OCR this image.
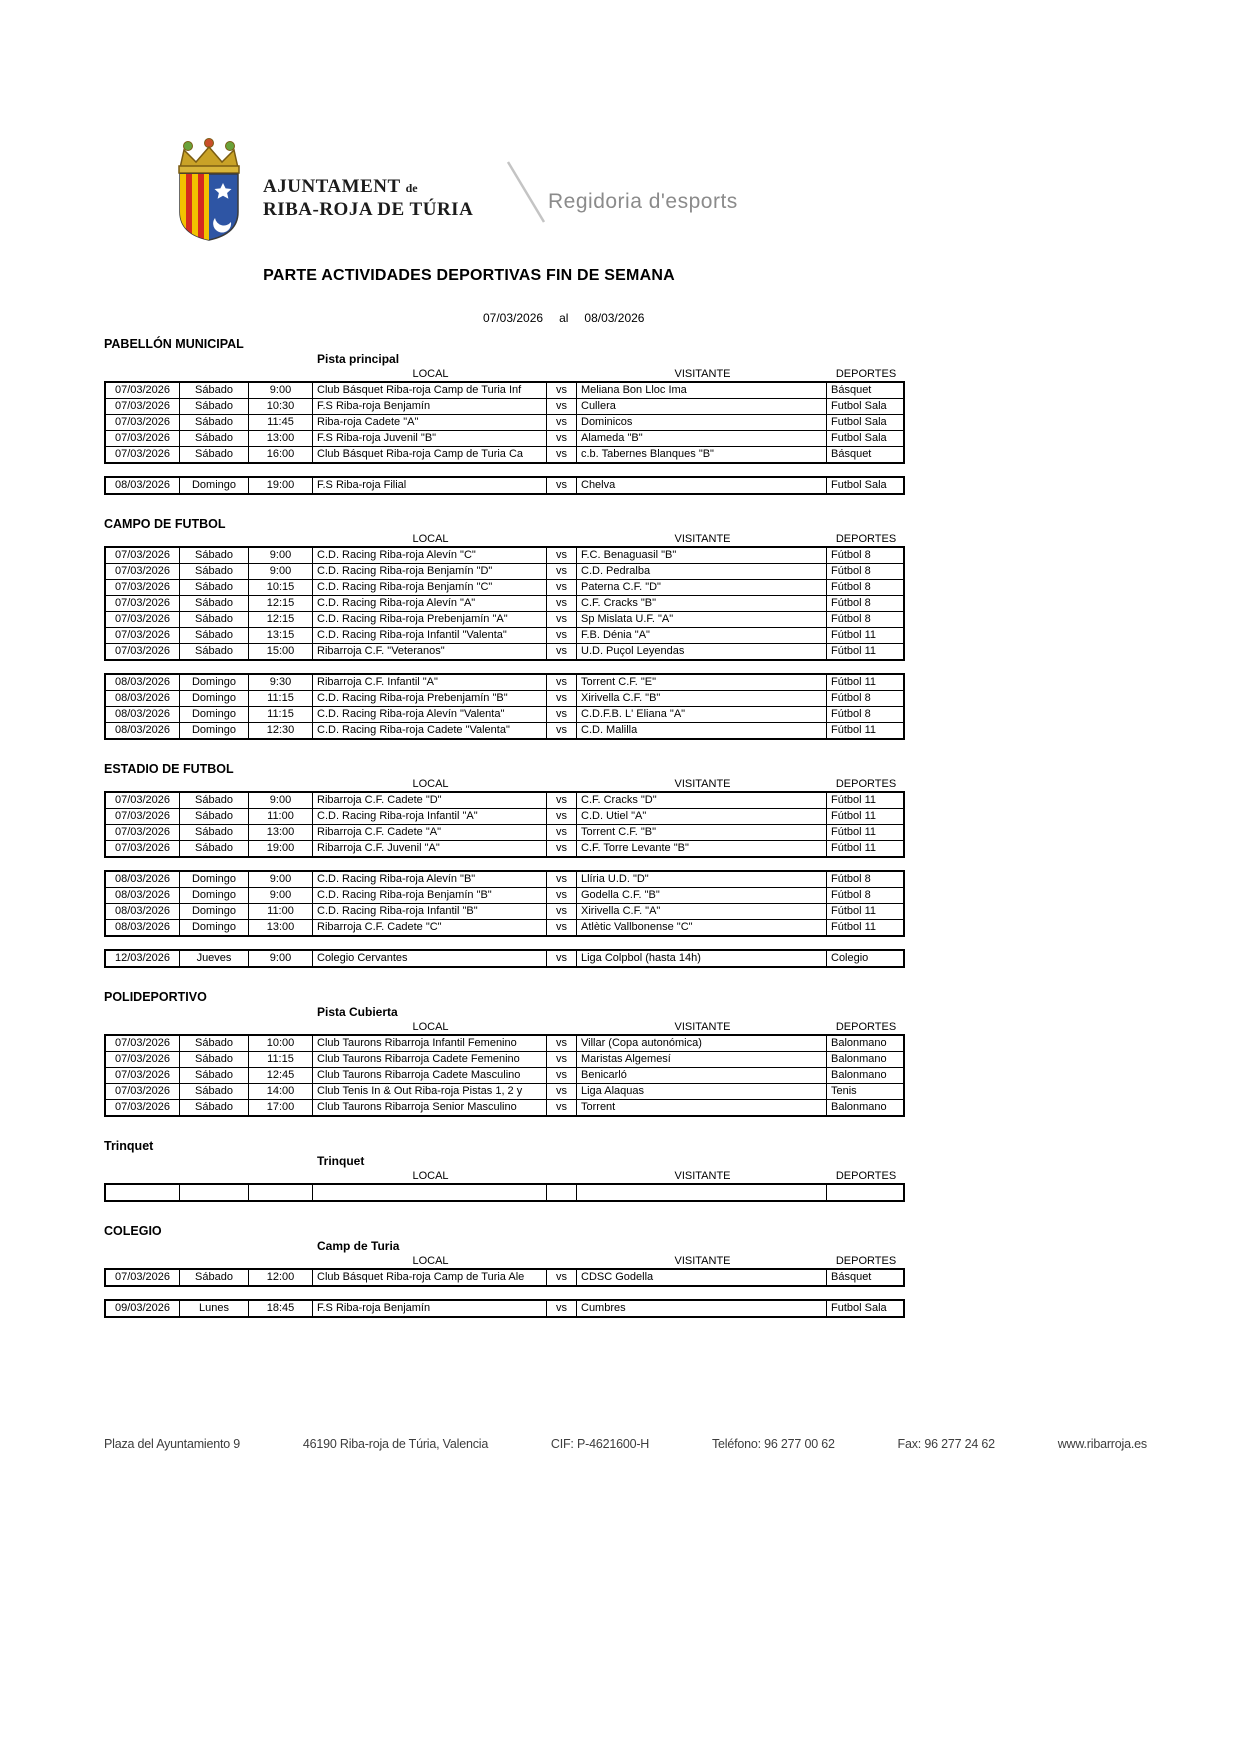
AJUNTAMENT de
RIBA-ROJA DE TÚRIA	Regidoria d'esports
PARTE ACTIVIDADES DEPORTIVAS FIN DE SEMANA
07/03/2026 al 08/03/2026
PABELLÓN MUNICIPAL
Pista principal
LOCAL	VISITANTE	DEPORTES
07/03/2026	Sábado	9:00	Club Básquet Riba-roja Camp de Turia Inf	vs	Meliana Bon Lloc Ima	Básquet
07/03/2026	Sábado	10:30	F.S Riba-roja Benjamín	vs	Cullera	Futbol Sala
07/03/2026	Sábado	11:45	Riba-roja Cadete "A"	vs	Dominicos	Futbol Sala
07/03/2026	Sábado	13:00	F.S Riba-roja Juvenil "B"	vs	Alameda "B"	Futbol Sala
07/03/2026	Sábado	16:00	Club Básquet Riba-roja Camp de Turia Ca	vs	c.b. Tabernes Blanques "B"	Básquet
08/03/2026	Domingo	19:00	F.S Riba-roja Filial	vs	Chelva	Futbol Sala
CAMPO DE FUTBOL
LOCAL	VISITANTE	DEPORTES
07/03/2026	Sábado	9:00	C.D. Racing Riba-roja Alevín "C"	vs	F.C. Benaguasil "B"	Fútbol 8
07/03/2026	Sábado	9:00	C.D. Racing Riba-roja Benjamín "D"	vs	C.D. Pedralba	Fútbol 8
07/03/2026	Sábado	10:15	C.D. Racing Riba-roja Benjamín "C"	vs	Paterna C.F. "D"	Fútbol 8
07/03/2026	Sábado	12:15	C.D. Racing Riba-roja Alevín "A"	vs	C.F. Cracks "B"	Fútbol 8
07/03/2026	Sábado	12:15	C.D. Racing Riba-roja Prebenjamín "A"	vs	Sp Mislata U.F. "A"	Fútbol 8
07/03/2026	Sábado	13:15	C.D. Racing Riba-roja Infantil "Valenta"	vs	F.B. Dénia "A"	Fútbol 11
07/03/2026	Sábado	15:00	Ribarroja C.F. "Veteranos"	vs	U.D. Puçol Leyendas	Fútbol 11
08/03/2026	Domingo	9:30	Ribarroja C.F. Infantil "A"	vs	Torrent C.F. "E"	Fútbol 11
08/03/2026	Domingo	11:15	C.D. Racing Riba-roja Prebenjamín "B"	vs	Xirivella C.F. "B"	Fútbol 8
08/03/2026	Domingo	11:15	C.D. Racing Riba-roja Alevín "Valenta"	vs	C.D.F.B. L' Eliana "A"	Fútbol 8
08/03/2026	Domingo	12:30	C.D. Racing Riba-roja Cadete "Valenta"	vs	C.D. Malilla	Fútbol 11
ESTADIO DE FUTBOL
LOCAL	VISITANTE	DEPORTES
07/03/2026	Sábado	9:00	Ribarroja C.F. Cadete "D"	vs	C.F. Cracks "D"	Fútbol 11
07/03/2026	Sábado	11:00	C.D. Racing Riba-roja Infantil "A"	vs	C.D. Utiel "A"	Fútbol 11
07/03/2026	Sábado	13:00	Ribarroja C.F. Cadete "A"	vs	Torrent C.F. "B"	Fútbol 11
07/03/2026	Sábado	19:00	Ribarroja C.F. Juvenil "A"	vs	C.F. Torre Levante "B"	Fútbol 11
08/03/2026	Domingo	9:00	C.D. Racing Riba-roja Alevín "B"	vs	Llíria U.D. "D"	Fútbol 8
08/03/2026	Domingo	9:00	C.D. Racing Riba-roja Benjamín "B"	vs	Godella C.F. "B"	Fútbol 8
08/03/2026	Domingo	11:00	C.D. Racing Riba-roja Infantil "B"	vs	Xirivella C.F. "A"	Fútbol 11
08/03/2026	Domingo	13:00	Ribarroja C.F. Cadete "C"	vs	Atlètic Vallbonense "C"	Fútbol 11
12/03/2026	Jueves	9:00	Colegio Cervantes	vs	Liga Colpbol (hasta 14h)	Colegio
POLIDEPORTIVO
Pista Cubierta
LOCAL	VISITANTE	DEPORTES
07/03/2026	Sábado	10:00	Club Taurons Ribarroja Infantil Femenino	vs	Villar (Copa autonómica)	Balonmano
07/03/2026	Sábado	11:15	Club Taurons Ribarroja Cadete Femenino	vs	Maristas Algemesí	Balonmano
07/03/2026	Sábado	12:45	Club Taurons Ribarroja Cadete Masculino	vs	Benicarló	Balonmano
07/03/2026	Sábado	14:00	Club Tenis In & Out Riba-roja Pistas 1, 2 y	vs	Liga Alaquas	Tenis
07/03/2026	Sábado	17:00	Club Taurons Ribarroja Senior Masculino	vs	Torrent	Balonmano
Trinquet
Trinquet
LOCAL	VISITANTE	DEPORTES
COLEGIO
Camp de Turia
LOCAL	VISITANTE	DEPORTES
07/03/2026	Sábado	12:00	Club Básquet Riba-roja Camp de Turia Ale	vs	CDSC Godella	Básquet
09/03/2026	Lunes	18:45	F.S Riba-roja Benjamín	vs	Cumbres	Futbol Sala
Plaza del Ayuntamiento 9	46190 Riba-roja de Túria, Valencia	CIF: P-4621600-H	Teléfono: 96 277 00 62	Fax: 96 277 24 62	www.ribarroja.es
